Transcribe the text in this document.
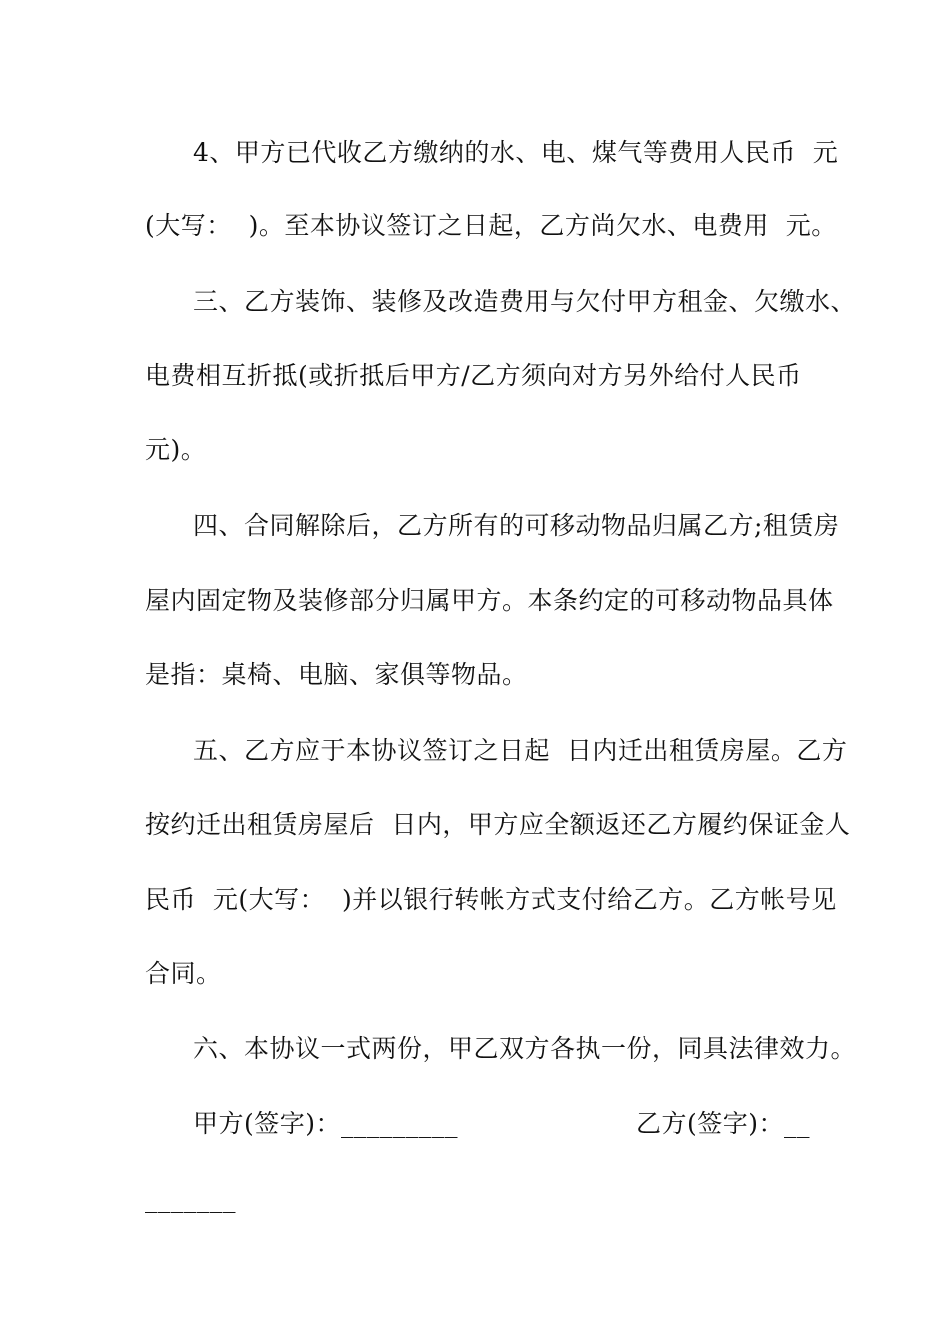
4、甲方已代收乙方缴纳的水、电、煤气等费用人民币  元
(大写：  )。至本协议签订之日起，乙方尚欠水、电费用  元。
三、乙方装饰、装修及改造费用与欠付甲方租金、欠缴水、
电费相互折抵(或折抵后甲方/乙方须向对方另外给付人民币
元)。
四、合同解除后，乙方所有的可移动物品归属乙方;租赁房
屋内固定物及装修部分归属甲方。本条约定的可移动物品具体
是指：桌椅、电脑、家俱等物品。
五、乙方应于本协议签订之日起  日内迁出租赁房屋。乙方
按约迁出租赁房屋后  日内，甲方应全额返还乙方履约保证金人
民币  元(大写：  )并以银行转帐方式支付给乙方。乙方帐号见
合同。
六、本协议一式两份，甲乙双方各执一份，同具法律效力。
甲方(签字)：_________	乙方(签字)：__
_______
